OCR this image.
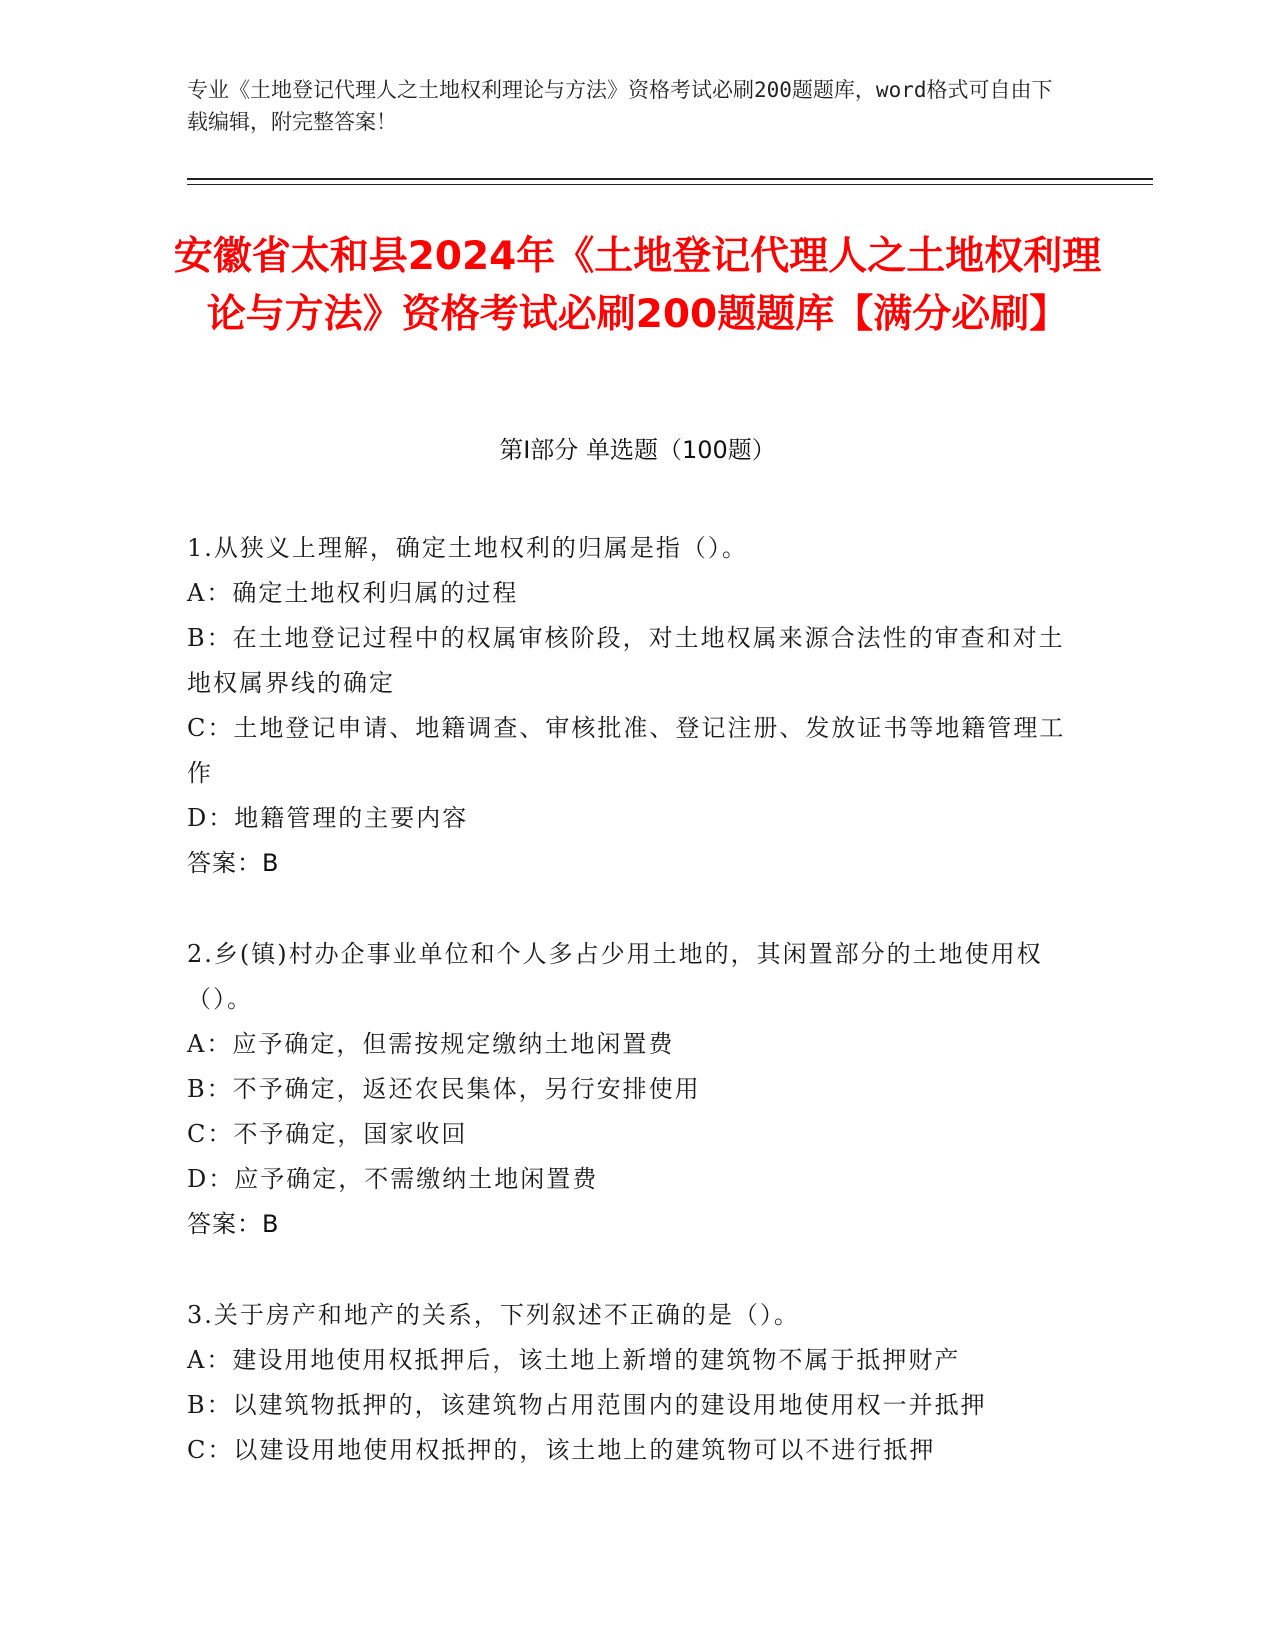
专业《土地登记代理人之土地权利理论与方法》资格考试必刷200题题库，word格式可自由下载编辑，附完整答案！
安徽省太和县2024年《土地登记代理人之土地权利理论与方法》资格考试必刷200题题库【满分必刷】
第Ⅰ部分 单选题（100题）
1.从狭义上理解，确定土地权利的归属是指（）。
A：确定土地权利归属的过程
B：在土地登记过程中的权属审核阶段，对土地权属来源合法性的审查和对土地权属界线的确定
C：土地登记申请、地籍调查、审核批准、登记注册、发放证书等地籍管理工作
D：地籍管理的主要内容
答案：B
2.乡(镇)村办企事业单位和个人多占少用土地的，其闲置部分的土地使用权（）。
A：应予确定，但需按规定缴纳土地闲置费
B：不予确定，返还农民集体，另行安排使用
C：不予确定，国家收回
D：应予确定，不需缴纳土地闲置费
答案：B
3.关于房产和地产的关系，下列叙述不正确的是（）。
A：建设用地使用权抵押后，该土地上新增的建筑物不属于抵押财产
B：以建筑物抵押的，该建筑物占用范围内的建设用地使用权一并抵押
C：以建设用地使用权抵押的，该土地上的建筑物可以不进行抵押
